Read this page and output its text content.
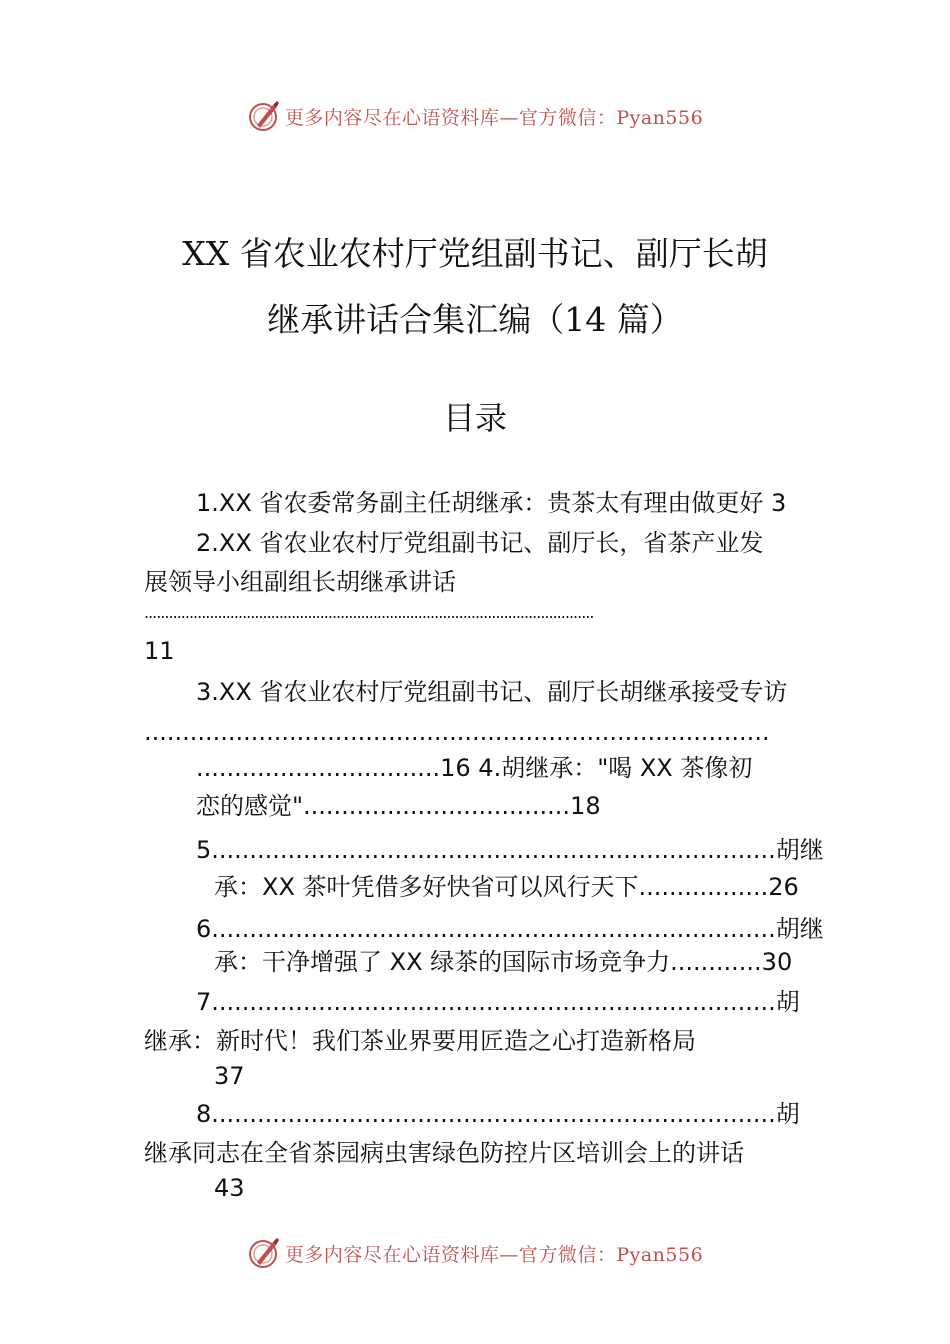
更多内容尽在心语资料库—官方微信：Pyan556
XX 省农业农村厅党组副书记、副厅长胡
继承讲话合集汇编（14 篇）
目录
1.XX 省农委常务副主任胡继承：贵茶太有理由做更好 3
2.XX 省农业农村厅党组副书记、副厅长，省茶产业发
展领导小组副组长胡继承讲话
..............................................................................................................
11
3.XX 省农业农村厅党组副书记、副厅长胡继承接受专访
..................................................................................
................................16 4.胡继承："喝 XX 茶像初
恋的感觉"...................................18
5..........................................................................胡继
承：XX 茶叶凭借多好快省可以风行天下.................26
6..........................................................................胡继
承：干净增强了 XX 绿茶的国际市场竞争力............30
7..........................................................................胡
继承：新时代！我们茶业界要用匠造之心打造新格局
37
8..........................................................................胡
继承同志在全省茶园病虫害绿色防控片区培训会上的讲话
43
更多内容尽在心语资料库—官方微信：Pyan556
